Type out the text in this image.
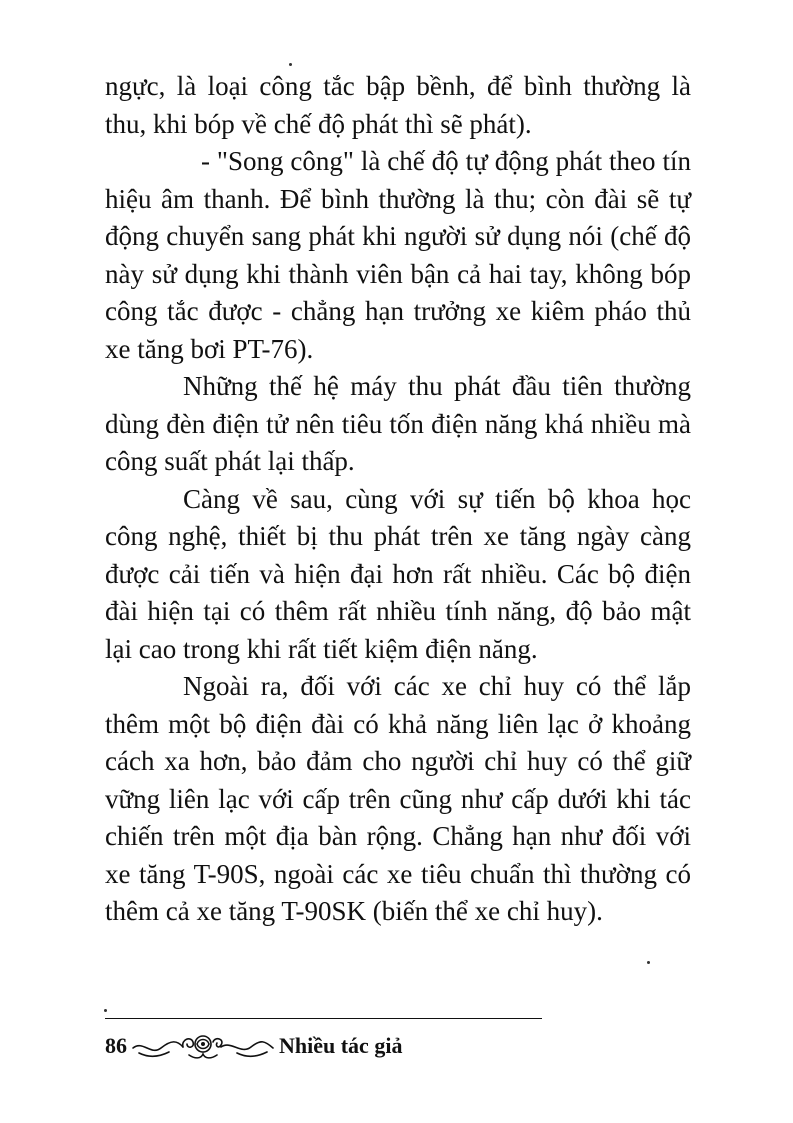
ngực, là loại công tắc bập bềnh, để bình thường là thu, khi bóp về chế độ phát thì sẽ phát).

- "Song công" là chế độ tự động phát theo tín hiệu âm thanh. Để bình thường là thu; còn đài sẽ tự động chuyển sang phát khi người sử dụng nói (chế độ này sử dụng khi thành viên bận cả hai tay, không bóp công tắc được - chẳng hạn trưởng xe kiêm pháo thủ xe tăng bơi PT-76).

Những thế hệ máy thu phát đầu tiên thường dùng đèn điện tử nên tiêu tốn điện năng khá nhiều mà công suất phát lại thấp.

Càng về sau, cùng với sự tiến bộ khoa học công nghệ, thiết bị thu phát trên xe tăng ngày càng được cải tiến và hiện đại hơn rất nhiều. Các bộ điện đài hiện tại có thêm rất nhiều tính năng, độ bảo mật lại cao trong khi rất tiết kiệm điện năng.

Ngoài ra, đối với các xe chỉ huy có thể lắp thêm một bộ điện đài có khả năng liên lạc ở khoảng cách xa hơn, bảo đảm cho người chỉ huy có thể giữ vững liên lạc với cấp trên cũng như cấp dưới khi tác chiến trên một địa bàn rộng. Chẳng hạn như đối với xe tăng T-90S, ngoài các xe tiêu chuẩn thì thường có thêm cả xe tăng T-90SK (biến thể xe chỉ huy).

86	Nhiều tác giả
